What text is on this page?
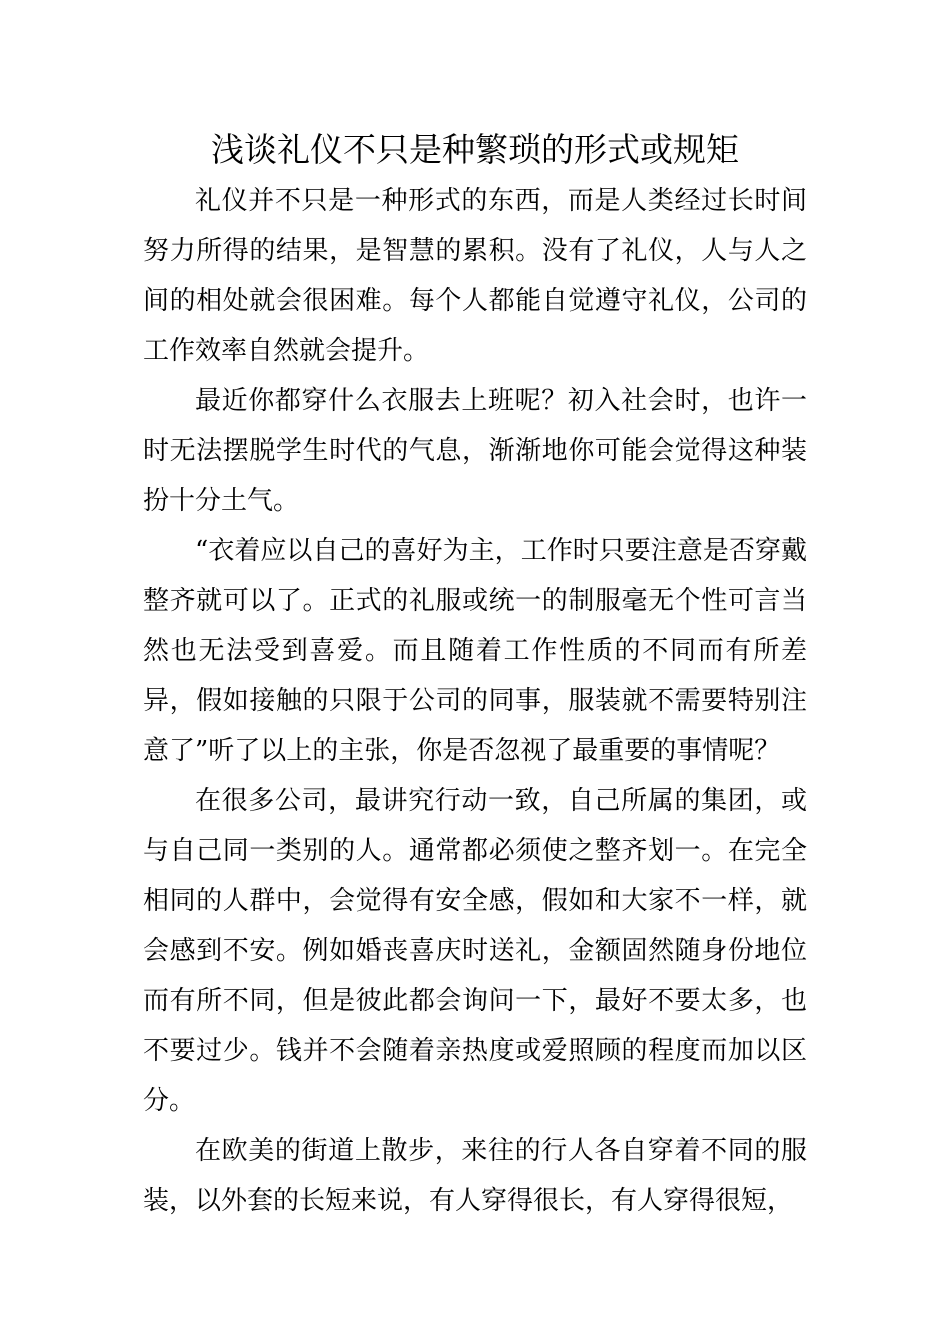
浅谈礼仪不只是种繁琐的形式或规矩

礼仪并不只是一种形式的东西，而是人类经过长时间努力所得的结果，是智慧的累积。没有了礼仪，人与人之间的相处就会很困难。每个人都能自觉遵守礼仪，公司的工作效率自然就会提升。

最近你都穿什么衣服去上班呢？初入社会时，也许一时无法摆脱学生时代的气息，渐渐地你可能会觉得这种装扮十分土气。

“衣着应以自己的喜好为主，工作时只要注意是否穿戴整齐就可以了。正式的礼服或统一的制服毫无个性可言当然也无法受到喜爱。而且随着工作性质的不同而有所差异，假如接触的只限于公司的同事，服装就不需要特别注意了”听了以上的主张，你是否忽视了最重要的事情呢？

在很多公司，最讲究行动一致，自己所属的集团，或与自己同一类别的人。通常都必须使之整齐划一。在完全相同的人群中，会觉得有安全感，假如和大家不一样，就会感到不安。例如婚丧喜庆时送礼，金额固然随身份地位而有所不同，但是彼此都会询问一下，最好不要太多，也不要过少。钱并不会随着亲热度或爱照顾的程度而加以区分。

在欧美的街道上散步，来往的行人各自穿着不同的服装，以外套的长短来说，有人穿得很长，有人穿得很短，
